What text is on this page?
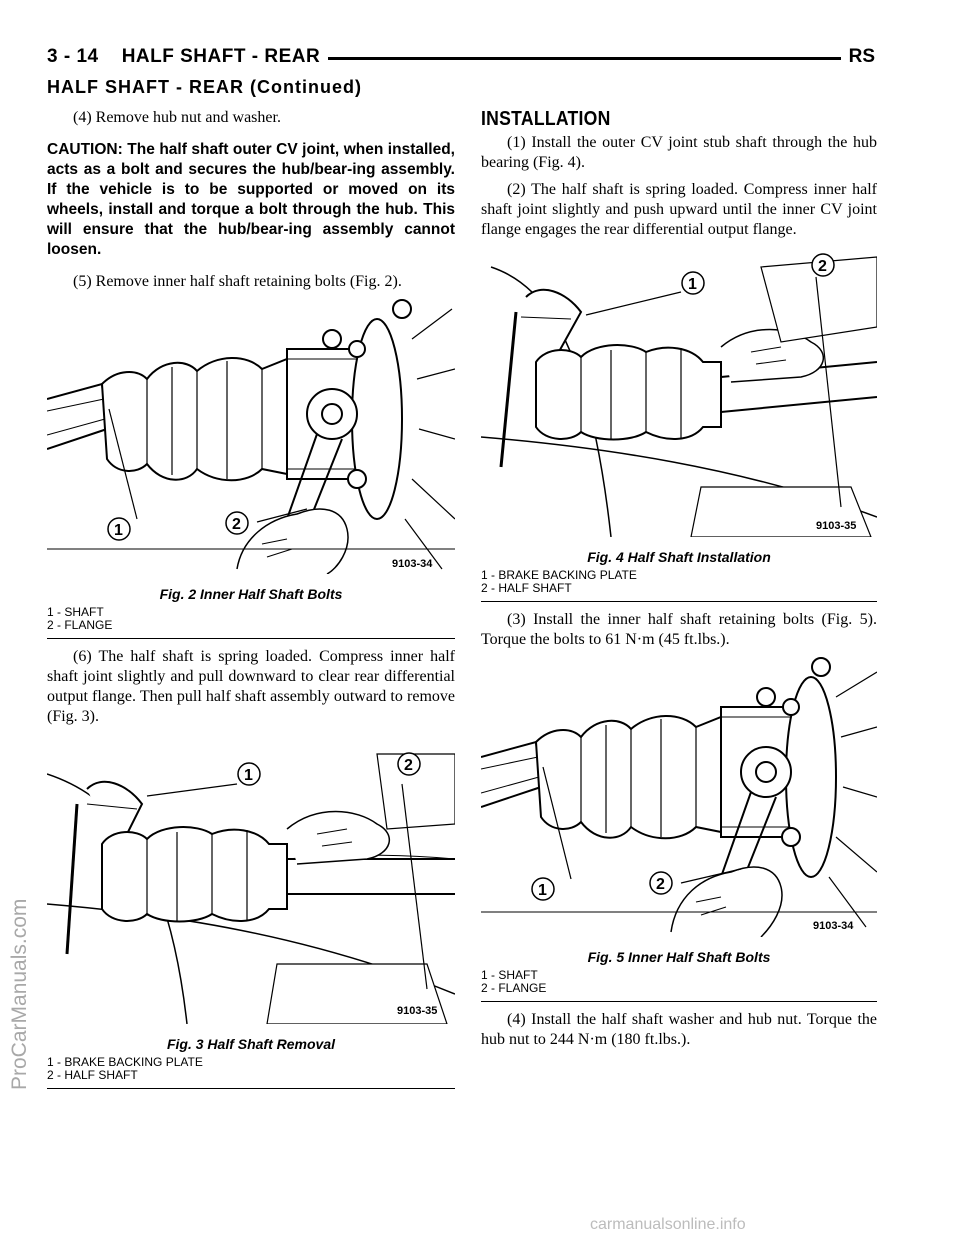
3 - 14    HALF SHAFT - REAR	RS
HALF SHAFT - REAR (Continued)

(4) Remove hub nut and washer.

CAUTION: The half shaft outer CV joint, when installed, acts as a bolt and secures the hub/bear-ing assembly. If the vehicle is to be supported or moved on its wheels, install and torque a bolt through the hub. This will ensure that the hub/bear-ing assembly cannot loosen.

(5) Remove inner half shaft retaining bolts (Fig. 2).

1	2
9103-34
Fig. 2 Inner Half Shaft Bolts
1 - SHAFT
2 - FLANGE

(6) The half shaft is spring loaded. Compress inner half shaft joint slightly and pull downward to clear rear differential output flange. Then pull half shaft assembly outward to remove (Fig. 3).

1
2
9103-35
Fig. 3 Half Shaft Removal
1 - BRAKE BACKING PLATE
2 - HALF SHAFT
INSTALLATION

(1) Install the outer CV joint stub shaft through the hub bearing (Fig. 4).

(2) The half shaft is spring loaded. Compress inner half shaft joint slightly and push upward until the inner CV joint flange engages the rear differential output flange.

1
2
9103-35
Fig. 4 Half Shaft Installation
1 - BRAKE BACKING PLATE
2 - HALF SHAFT

(3) Install the inner half shaft retaining bolts (Fig. 5). Torque the bolts to 61 N·m (45 ft.lbs.).

1	2
9103-34
Fig. 5 Inner Half Shaft Bolts
1 - SHAFT
2 - FLANGE

(4) Install the half shaft washer and hub nut. Torque the hub nut to 244 N·m (180 ft.lbs.).

ProCarManuals.com
carmanualsonline.info
